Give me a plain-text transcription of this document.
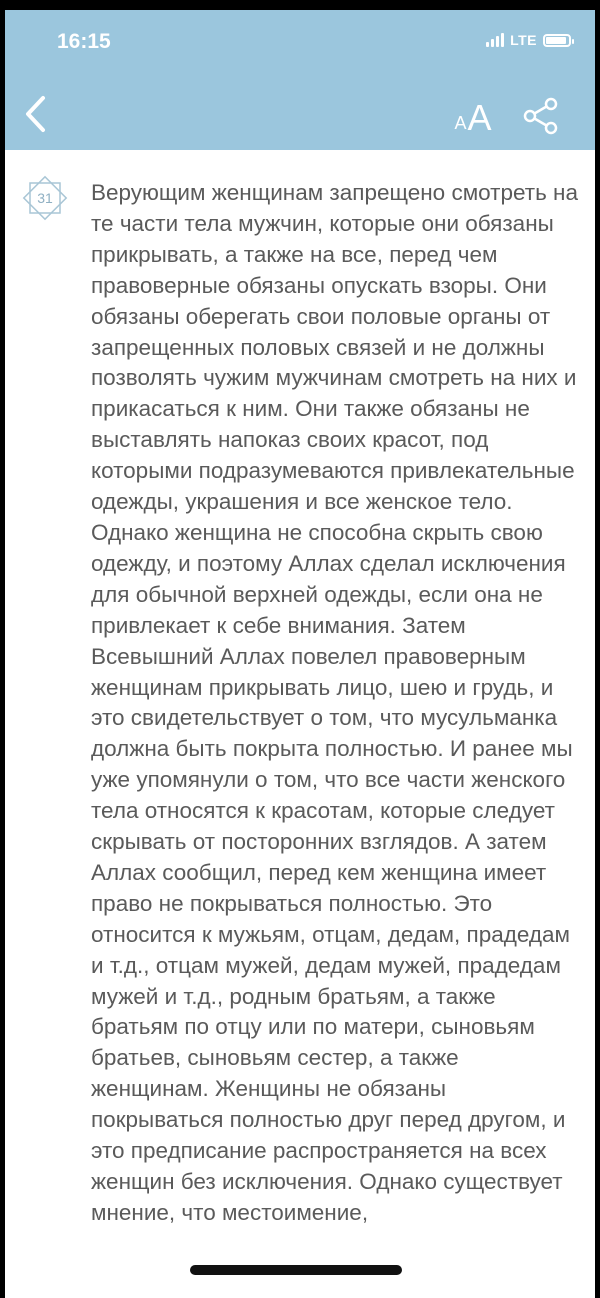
16:15	LTE
A A
31	Верующим женщинам запрещено смотреть на те части тела мужчин, которые они обязаны прикрывать, а также на все, перед чем правоверные обязаны опускать взоры. Они обязаны оберегать свои половые органы от запрещенных половых связей и не должны позволять чужим мужчинам смотреть на них и прикасаться к ним. Они также обязаны не выставлять напоказ своих красот, под которыми подразумеваются привлекательные одежды, украшения и все женское тело. Однако женщина не способна скрыть свою одежду, и поэтому Аллах сделал исключения для обычной верхней одежды, если она не привлекает к себе внимания. Затем Всевышний Аллах повелел правоверным женщинам прикрывать лицо, шею и грудь, и это свидетельствует о том, что мусульманка должна быть покрыта полностью. И ранее мы уже упомянули о том, что все части женского тела относятся к красотам, которые следует скрывать от посторонних взглядов. А затем Аллах сообщил, перед кем женщина имеет право не покрываться полностью. Это относится к мужьям, отцам, дедам, прадедам и т.д., отцам мужей, дедам мужей, прадедам мужей и т.д., родным братьям, а также братьям по отцу или по матери, сыновьям братьев, сыновьям сестер, а также женщинам. Женщины не обязаны покрываться полностью друг перед другом, и это предписание распространяется на всех женщин без исключения. Однако существует мнение, что местоимение,
